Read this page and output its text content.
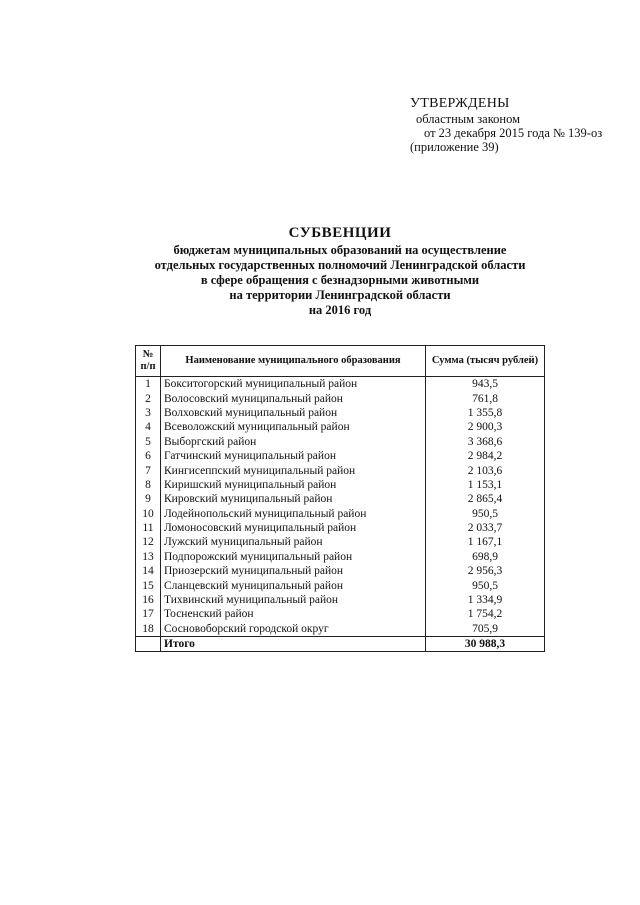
УТВЕРЖДЕНЫ
областным законом
от 23 декабря 2015 года № 139-оз
(приложение 39)
СУБВЕНЦИИ
бюджетам муниципальных образований на осуществление
отдельных государственных полномочий Ленинградской области
в сфере обращения с безнадзорными животными
на территории Ленинградской области
на 2016 год
№ п/п	Наименование муниципального образования	Сумма (тысяч рублей)
1	Бокситогорский муниципальный район	943,5
2	Волосовский муниципальный район	761,8
3	Волховский муниципальный район	1 355,8
4	Всеволожский муниципальный район	2 900,3
5	Выборгский район	3 368,6
6	Гатчинский муниципальный район	2 984,2
7	Кингисеппский муниципальный район	2 103,6
8	Киришский муниципальный район	1 153,1
9	Кировский муниципальный район	2 865,4
10	Лодейнопольский муниципальный район	950,5
11	Ломоносовский муниципальный район	2 033,7
12	Лужский муниципальный район	1 167,1
13	Подпорожский муниципальный район	698,9
14	Приозерский муниципальный район	2 956,3
15	Сланцевский муниципальный район	950,5
16	Тихвинский муниципальный район	1 334,9
17	Тосненский район	1 754,2
18	Сосновоборский городской округ	705,9
	Итого	30 988,3
